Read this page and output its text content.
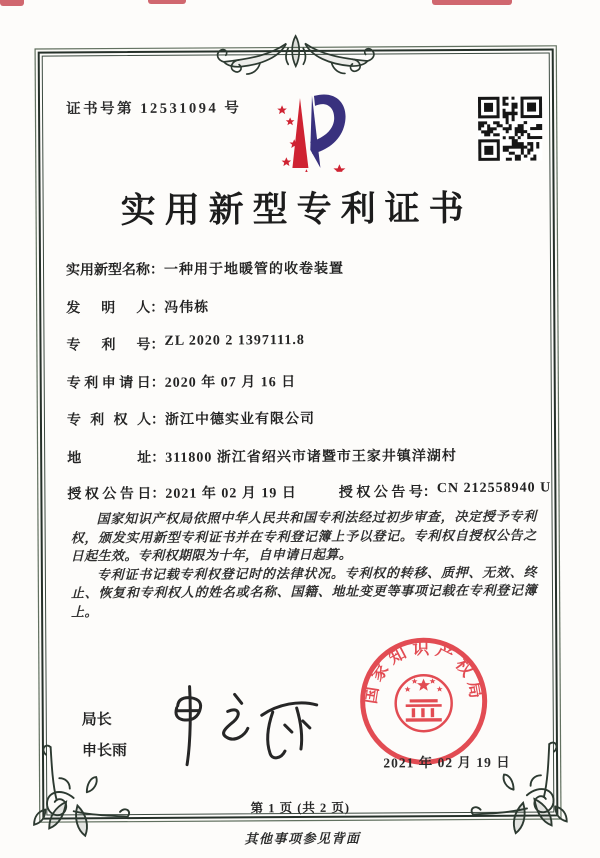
证书号第 12531094 号
实用新型专利证书
实用新型名称 ： 一种用于地暖管的收卷装置
发明人 ： 冯伟栋
专利号 ： ZL 2020 2 1397111.8
专利申请日 ： 2020 年 07 月 16 日
专利权人 ： 浙江中德实业有限公司
地址 ： 311800 浙江省绍兴市诸暨市王家井镇洋湖村
授权公告日 ： 2021 年 02 月 19 日	授权公告号 ： CN 212558940 U

国家知识产权局依照中华人民共和国专利法经过初步审查，决定授予专利权，颁发实用新型专利证书并在专利登记簿上予以登记。专利权自授权公告之日起生效。专利权期限为十年，自申请日起算。

专利证书记载专利权登记时的法律状况。专利权的转移、质押、无效、终止、恢复和专利权人的姓名或名称、国籍、地址变更等事项记载在专利登记簿上。

局长
申长雨
国家知识产权局
2021 年 02 月 19 日
第 1 页 (共 2 页)
其他事项参见背面
